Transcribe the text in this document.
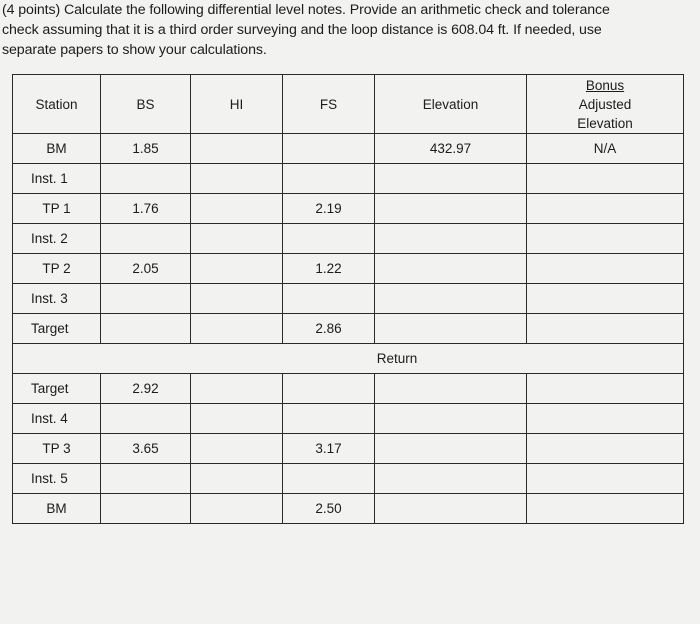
(4 points) Calculate the following differential level notes. Provide an arithmetic check and tolerance
check assuming that it is a third order surveying and the loop distance is 608.04 ft. If needed, use
separate papers to show your calculations.
Station	BS	HI	FS	Elevation	Bonus
Adjusted
Elevation

BM	1.85			432.97	N/A
Inst. 1					
TP 1	1.76		2.19		
Inst. 2					
TP 2	2.05		1.22		
Inst. 3					
Target			2.86		
Return					
Target	2.92				
Inst. 4					
TP 3	3.65		3.17		
Inst. 5					
BM			2.50		
